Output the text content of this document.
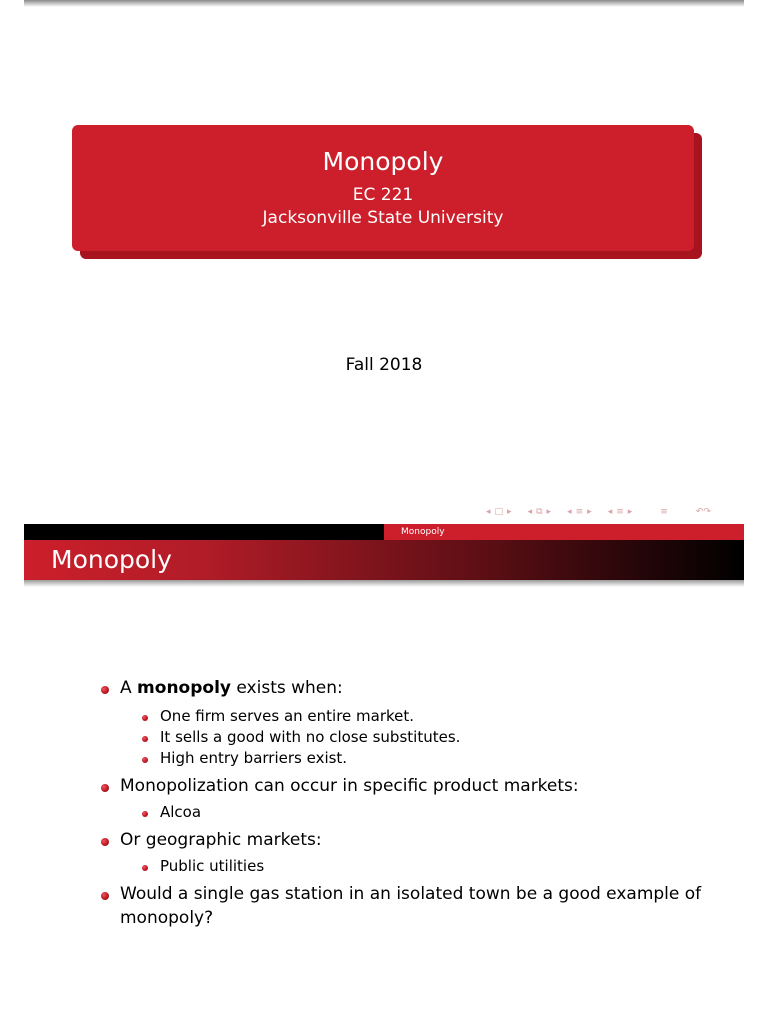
Monopoly
EC 221
Jacksonville State University
Fall 2018
◂ □ ▸ ◂ ⧉ ▸ ◂ ≡ ▸ ◂ ≡ ▸	≡	↶↷
Monopoly
Monopoly
A monopoly exists when:
One firm serves an entire market.
It sells a good with no close substitutes.
High entry barriers exist.
Monopolization can occur in specific product markets:
Alcoa
Or geographic markets:
Public utilities
Would a single gas station in an isolated town be a good example of
monopoly?
